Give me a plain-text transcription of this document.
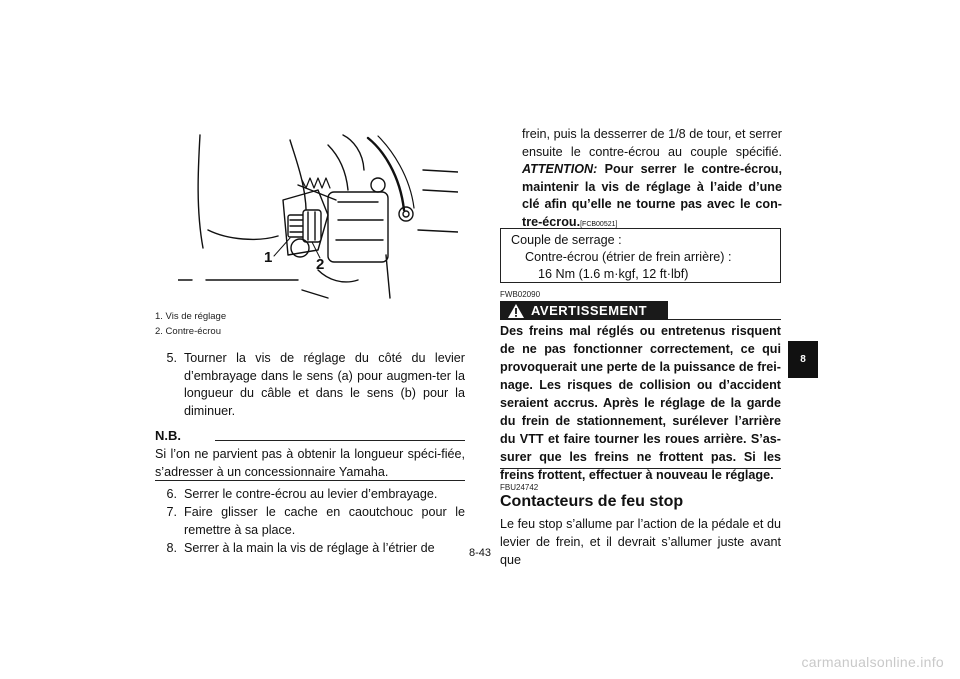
1	2
1. Vis de réglage
2. Contre-écrou
5. Tourner la vis de réglage du côté du levier d’embrayage dans le sens (a) pour augmen-ter la longueur du câble et dans le sens (b) pour la diminuer.
N.B.
Si l’on ne parvient pas à obtenir la longueur spéci-fiée, s’adresser à un concessionnaire Yamaha.
6. Serrer le contre-écrou au levier d’embrayage.
7. Faire glisser le cache en caoutchouc pour le remettre à sa place.
8. Serrer à la main la vis de réglage à l’étrier de
frein, puis la desserrer de 1/8 de tour, et serrer ensuite le contre-écrou au couple spécifié. ATTENTION: Pour serrer le contre-écrou, maintenir la vis de réglage à l’aide d’une clé afin qu’elle ne tourne pas avec le con-tre-écrou.[FCB00521]
Couple de serrage :
Contre-écrou (étrier de frein arrière) :
16 Nm (1.6 m·kgf, 12 ft·lbf)
FWB02090
AVERTISSEMENT
Des freins mal réglés ou entretenus risquent de ne pas fonctionner correctement, ce qui provoquerait une perte de la puissance de frei-nage. Les risques de collision ou d’accident seraient accrus. Après le réglage de la garde du frein de stationnement, surélever l’arrière du VTT et faire tourner les roues arrière. S’as-surer que les freins ne frottent pas. Si les freins frottent, effectuer à nouveau le réglage.
FBU24742
Contacteurs de feu stop
Le feu stop s’allume par l’action de la pédale et du levier de frein, et il devrait s’allumer juste avant que
8-43
8
carmanualsonline.info
